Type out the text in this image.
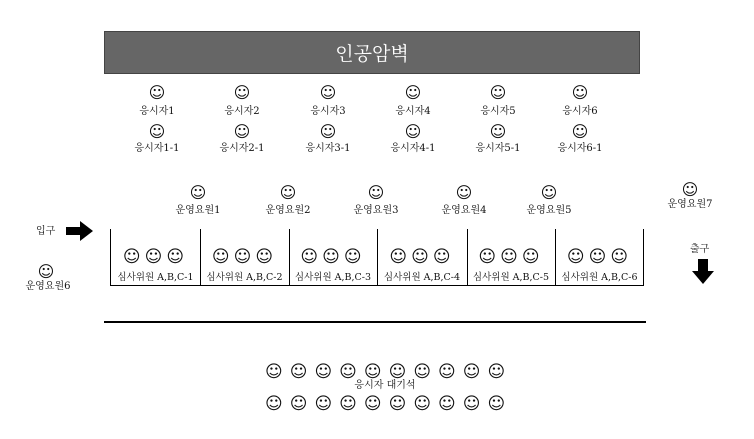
인공암벽
☺
응시자1
☺
응시자2
☺
응시자3
☺
응시자4
☺
응시자5
☺
응시자6
☺
응시자1-1
☺
응시자2-1
☺
응시자3-1
☺
응시자4-1
☺
응시자5-1
☺
응시자6-1
☺
운영요원1
☺
운영요원2
☺
운영요원3
☺
운영요원4
☺
운영요원5
☺
운영요원7
입구
☺
운영요원6
출구
☺☺☺
심사위원 A,B,C-1
☺☺☺
심사위원 A,B,C-2
☺☺☺
심사위원 A,B,C-3
☺☺☺
심사위원 A,B,C-4
☺☺☺
심사위원 A,B,C-5
☺☺☺
심사위원 A,B,C-6
☺☺☺☺☺☺☺☺☺☺
응시자 대기석
☺☺☺☺☺☺☺☺☺☺
